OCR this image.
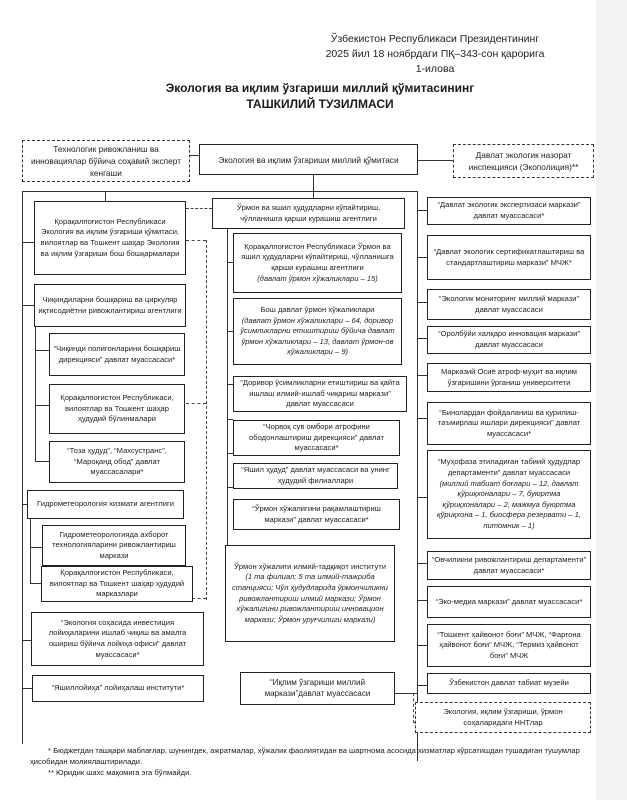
Ўзбекистон Республикаси Президентининг
2025 йил 18 ноябрдаги ПҚ–343-сон қарорига
1-илова
Экология ва иқлим ўзгариши миллий қўмитасининг
ТАШКИЛИЙ ТУЗИЛМАСИ
Технологик ривожланиш ва инновациялар бўйича соҳавий эксперт кенгаши
Экология ва иқлим ўзгариши миллий қўмитаси	Давлат экологик назорат инспекцияси (Экополиция)**
Қорақалпоғистон Республикаси Экология ва иқлим ўзгариши қўмитаси, вилоятлар ва Тошкент шаҳар Экология ва иқлим ўзгариши бош бошқармалари
Чиқиндиларни бошқариш ва циркуляр иқтисодиётни ривожлантириш агентлиги
“Чиқинди полигонларини бошқариш дирекцияси” давлат муассасаси*
Қорақалпоғистон Республикаси, вилоятлар ва Тошкент шаҳар ҳудудий бўлинмалари
“Тоза ҳудуд”, “Махсустранс”, “Мароқанд обод” давлат муассасалари*
Гидрометеорология хизмати агентлиги
Гидрометеорологияда ахборот технологияларини ривожлантириш маркази
Қорақалпоғистон Республикаси, вилоятлар ва Тошкент шаҳар ҳудудий марказлари
“Экология соҳасида инвестиция лойиҳаларини ишлаб чиқиш ва амалга ошириш бўйича лойиҳа офиси” давлат муассасаси*
“Яшиллойиҳа” лойиҳалаш институти*
Ўрмон ва яшил ҳудудларни кўпайтириш, чўлланишга қарши курашиш агентлиги
Қорақалпоғистон Республикаси Ўрмон ва яшил ҳудудларни кўпайтириш, чўлланишга қарши курашиш агентлиги
(давлат ўрмон хўжаликлари – 15)
Бош давлат ўрмон хўжаликлари
(давлат ўрмон хўжаликлари – 64, доривор ўсимликларни етиштириш бўйича давлат ўрмон хўжаликлари – 13, давлат ўрмон-ов хўжаликлари – 9)
“Доривор ўсимликларни етиштириш ва қайта ишлаш илмий-ишлаб чиқариш маркази” давлат муассасаси
“Чорвоқ сув омбори атрофини ободонлаштириш дирекцияси” давлат муассасаси*
“Яшил ҳудуд” давлат муассасаси ва унинг ҳудудий филиаллари
“Ўрмон хўжалигини рақамлаштириш маркази” давлат муассасаси*
Ўрмон хўжалиги илмий-тадқиқот институти
(1 та филиал; 5 та илмий-тажриба станцияси; Чўл ҳудудларида ўрмончиликни ривожлантириш илмий маркази; Ўрмон хўжалигини ривожлантириш инновацион маркази; Ўрмон уруғчилиги маркази)
“Иқлим ўзгариши миллий маркази”давлат муассасаси
“Давлат экологик экспертизаси маркази” давлат муассасаси*
“Давлат экологик сертификатлаштириш ва стандартлаштириш маркази” МЧЖ*
“Экологик мониторинг миллий маркази” давлат муассасаси
“Оролбўйи халқаро инновация маркази” давлат муассасаси
Марказий Осиё атроф-муҳит ва иқлим ўзгаришини ўрганиш университети
“Бинолардан фойдаланиш ва қурилиш-таъмирлаш ишлари дирекцияси” давлат муассасаси*
“Муҳофаза этиладиган табиий ҳудудлар департаменти” давлат муассасаси
(миллий табиат боғлари – 12, давлат қўриқхоналари – 7, буюртма қўриқхоналари – 2, мажмуа буюртма қўриқхона – 1, биосфера резервати – 1, питомник – 1)
“Овчиликни ривожлантириш департаменти” давлат муассасаси*
“Эко-медиа маркази” давлат муассасаси*
“Тошкент ҳайвонот боғи” МЧЖ, “Фарғона ҳайвонот боғи” МЧЖ, “Термиз ҳайвонот боғи” МЧЖ
Ўзбекистон давлат табиат музейи
Экология, иқлим ўзгариши, ўрмон соҳаларидаги ННТлар

* Бюджетдан ташқари маблағлар, шунингдек, ажратмалар, хўжалик фаолиятидан ва шартнома асосида хизматлар кўрсатишдан тушадиган тушумлар ҳисобидан молиялаштирилади.

** Юридик шахс мақомига эга бўлмайди.
